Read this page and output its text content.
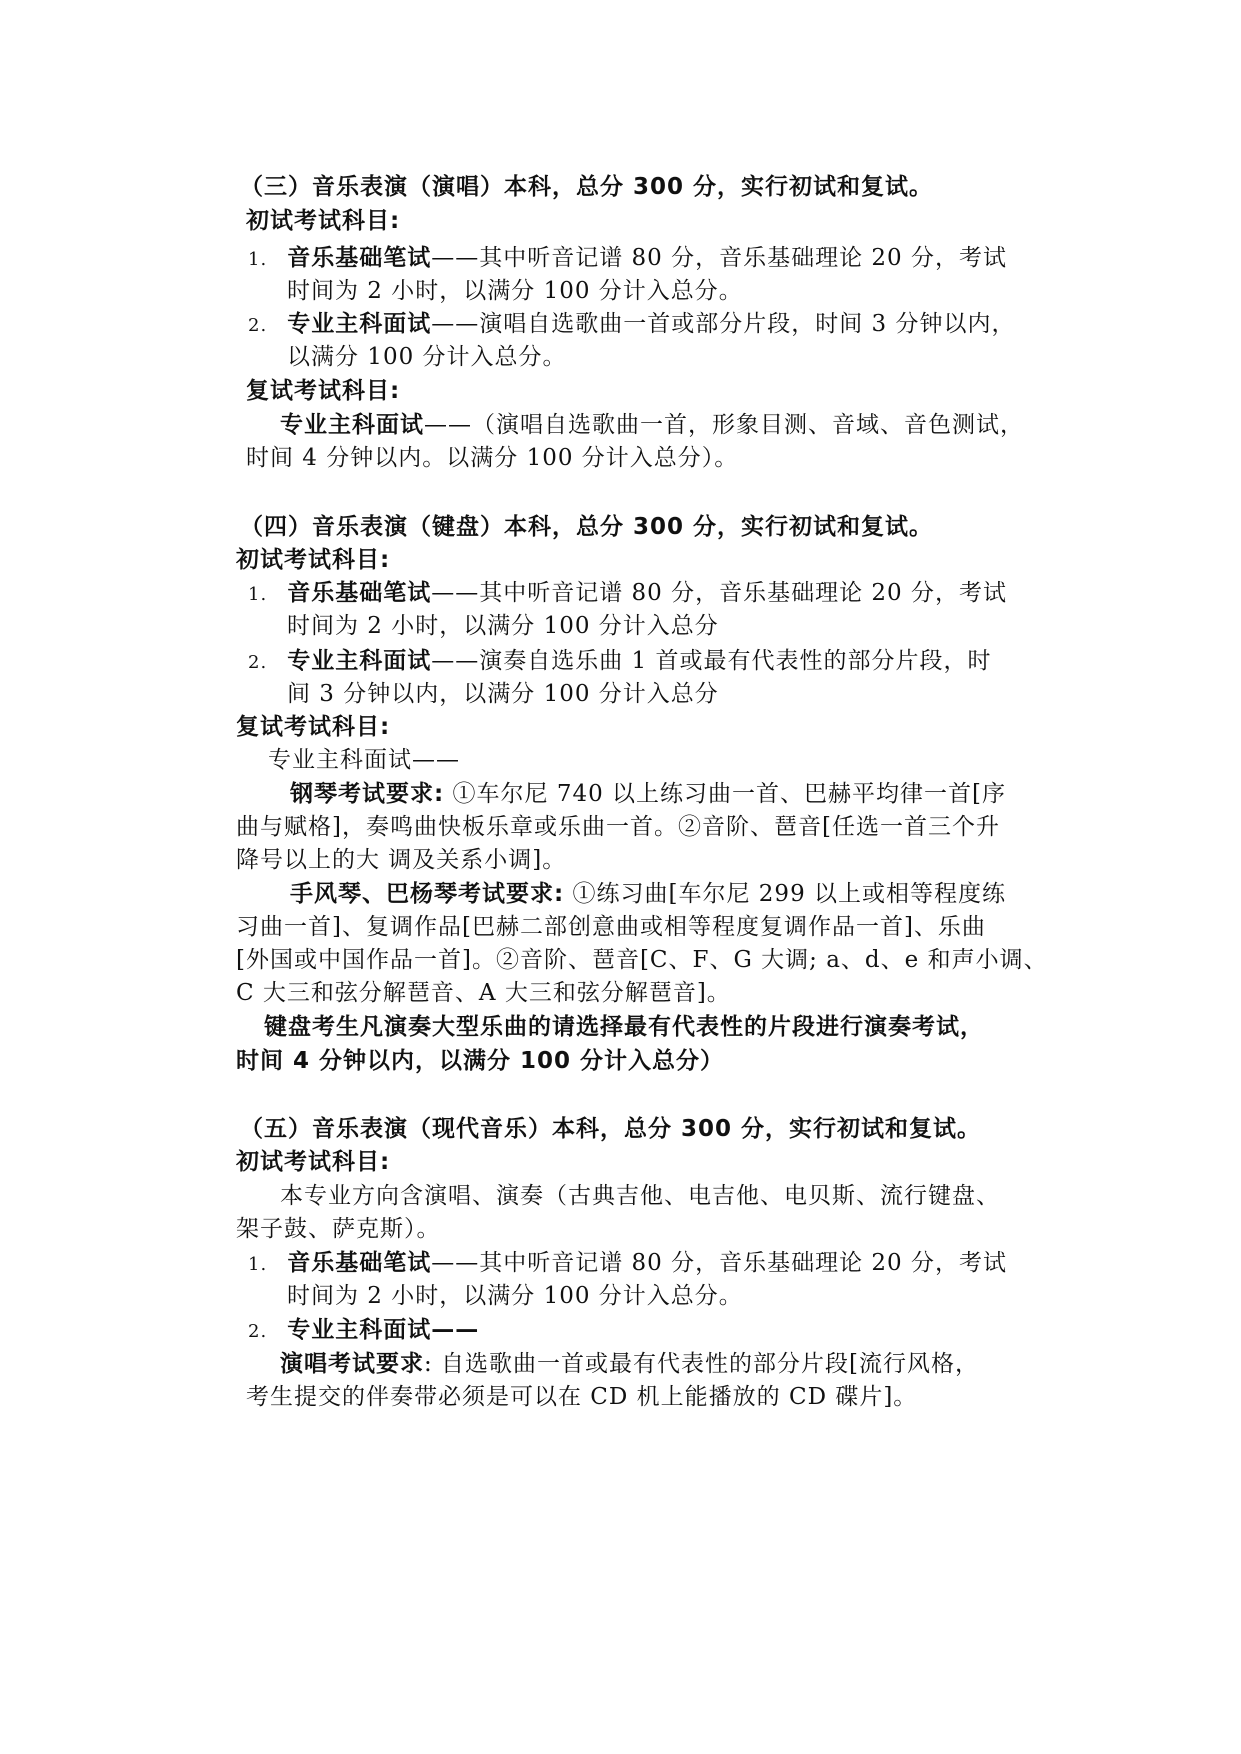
（三）音乐表演（演唱）本科，总分 300 分，实行初试和复试。
初试考试科目:
1. 音乐基础笔试——其中听音记谱 80 分，音乐基础理论 20 分，考试
时间为 2 小时，以满分 100 分计入总分。
2. 专业主科面试——演唱自选歌曲一首或部分片段，时间 3 分钟以内，
以满分 100 分计入总分。
复试考试科目:
专业主科面试——（演唱自选歌曲一首，形象目测、音域、音色测试，
时间 4 分钟以内。以满分 100 分计入总分）。
（四）音乐表演（键盘）本科，总分 300 分，实行初试和复试。
初试考试科目:
1. 音乐基础笔试——其中听音记谱 80 分，音乐基础理论 20 分，考试
时间为 2 小时，以满分 100 分计入总分
2. 专业主科面试——演奏自选乐曲 1 首或最有代表性的部分片段，时
间 3 分钟以内，以满分 100 分计入总分
复试考试科目:
专业主科面试——
钢琴考试要求: ①车尔尼 740 以上练习曲一首、巴赫平均律一首[序
曲与赋格]，奏鸣曲快板乐章或乐曲一首。②音阶、琶音[任选一首三个升
降号以上的大 调及关系小调]。
手风琴、巴杨琴考试要求: ①练习曲[车尔尼 299 以上或相等程度练
习曲一首]、复调作品[巴赫二部创意曲或相等程度复调作品一首]、乐曲
[外国或中国作品一首]。②音阶、琶音[C、F、G 大调; a、d、e 和声小调、
C 大三和弦分解琶音、A 大三和弦分解琶音]。
键盘考生凡演奏大型乐曲的请选择最有代表性的片段进行演奏考试，
时间 4 分钟以内，以满分 100 分计入总分）
（五）音乐表演（现代音乐）本科，总分 300 分，实行初试和复试。
初试考试科目:
本专业方向含演唱、演奏（古典吉他、电吉他、电贝斯、流行键盘、
架子鼓、萨克斯）。
1. 音乐基础笔试——其中听音记谱 80 分，音乐基础理论 20 分，考试
时间为 2 小时，以满分 100 分计入总分。
2. 专业主科面试——
演唱考试要求: 自选歌曲一首或最有代表性的部分片段[流行风格，
考生提交的伴奏带必须是可以在 CD 机上能播放的 CD 碟片]。
